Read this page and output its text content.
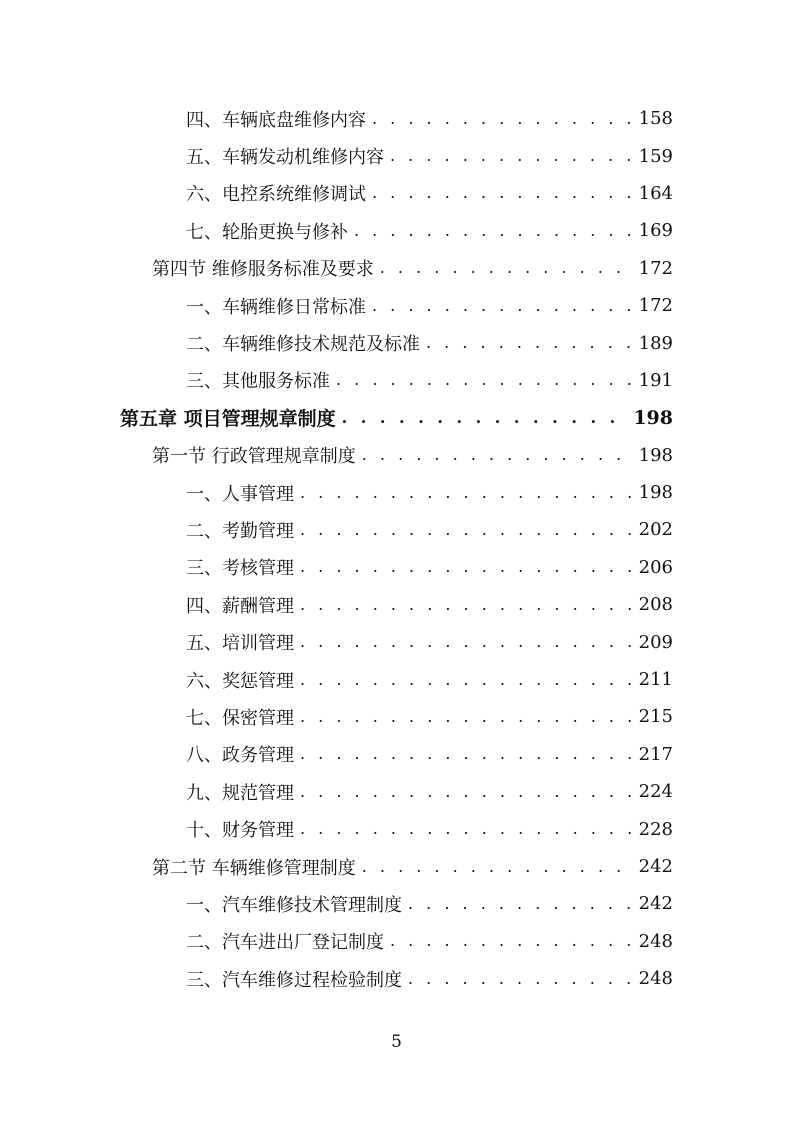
四、车辆底盘维修内容 . . .	158
五、车辆发动机维修内容 . . .	159
六、电控系统维修调试 . . .	164
七、轮胎更换与修补 . . .	169
第四节 维修服务标准及要求 . . .	172
一、车辆维修日常标准 . . .	172
二、车辆维修技术规范及标准 . . .	189
三、其他服务标准 . . .	191
第五章 项目管理规章制度 . . .	198
第一节 行政管理规章制度 . . .	198
一、人事管理 . . .	198
二、考勤管理 . . .	202
三、考核管理 . . .	206
四、薪酬管理 . . .	208
五、培训管理 . . .	209
六、奖惩管理 . . .	211
七、保密管理 . . .	215
八、政务管理 . . .	217
九、规范管理 . . .	224
十、财务管理 . . .	228
第二节 车辆维修管理制度 . . .	242
一、汽车维修技术管理制度 . . .	242
二、汽车进出厂登记制度 . . .	248
三、汽车维修过程检验制度 . . .	248
5
